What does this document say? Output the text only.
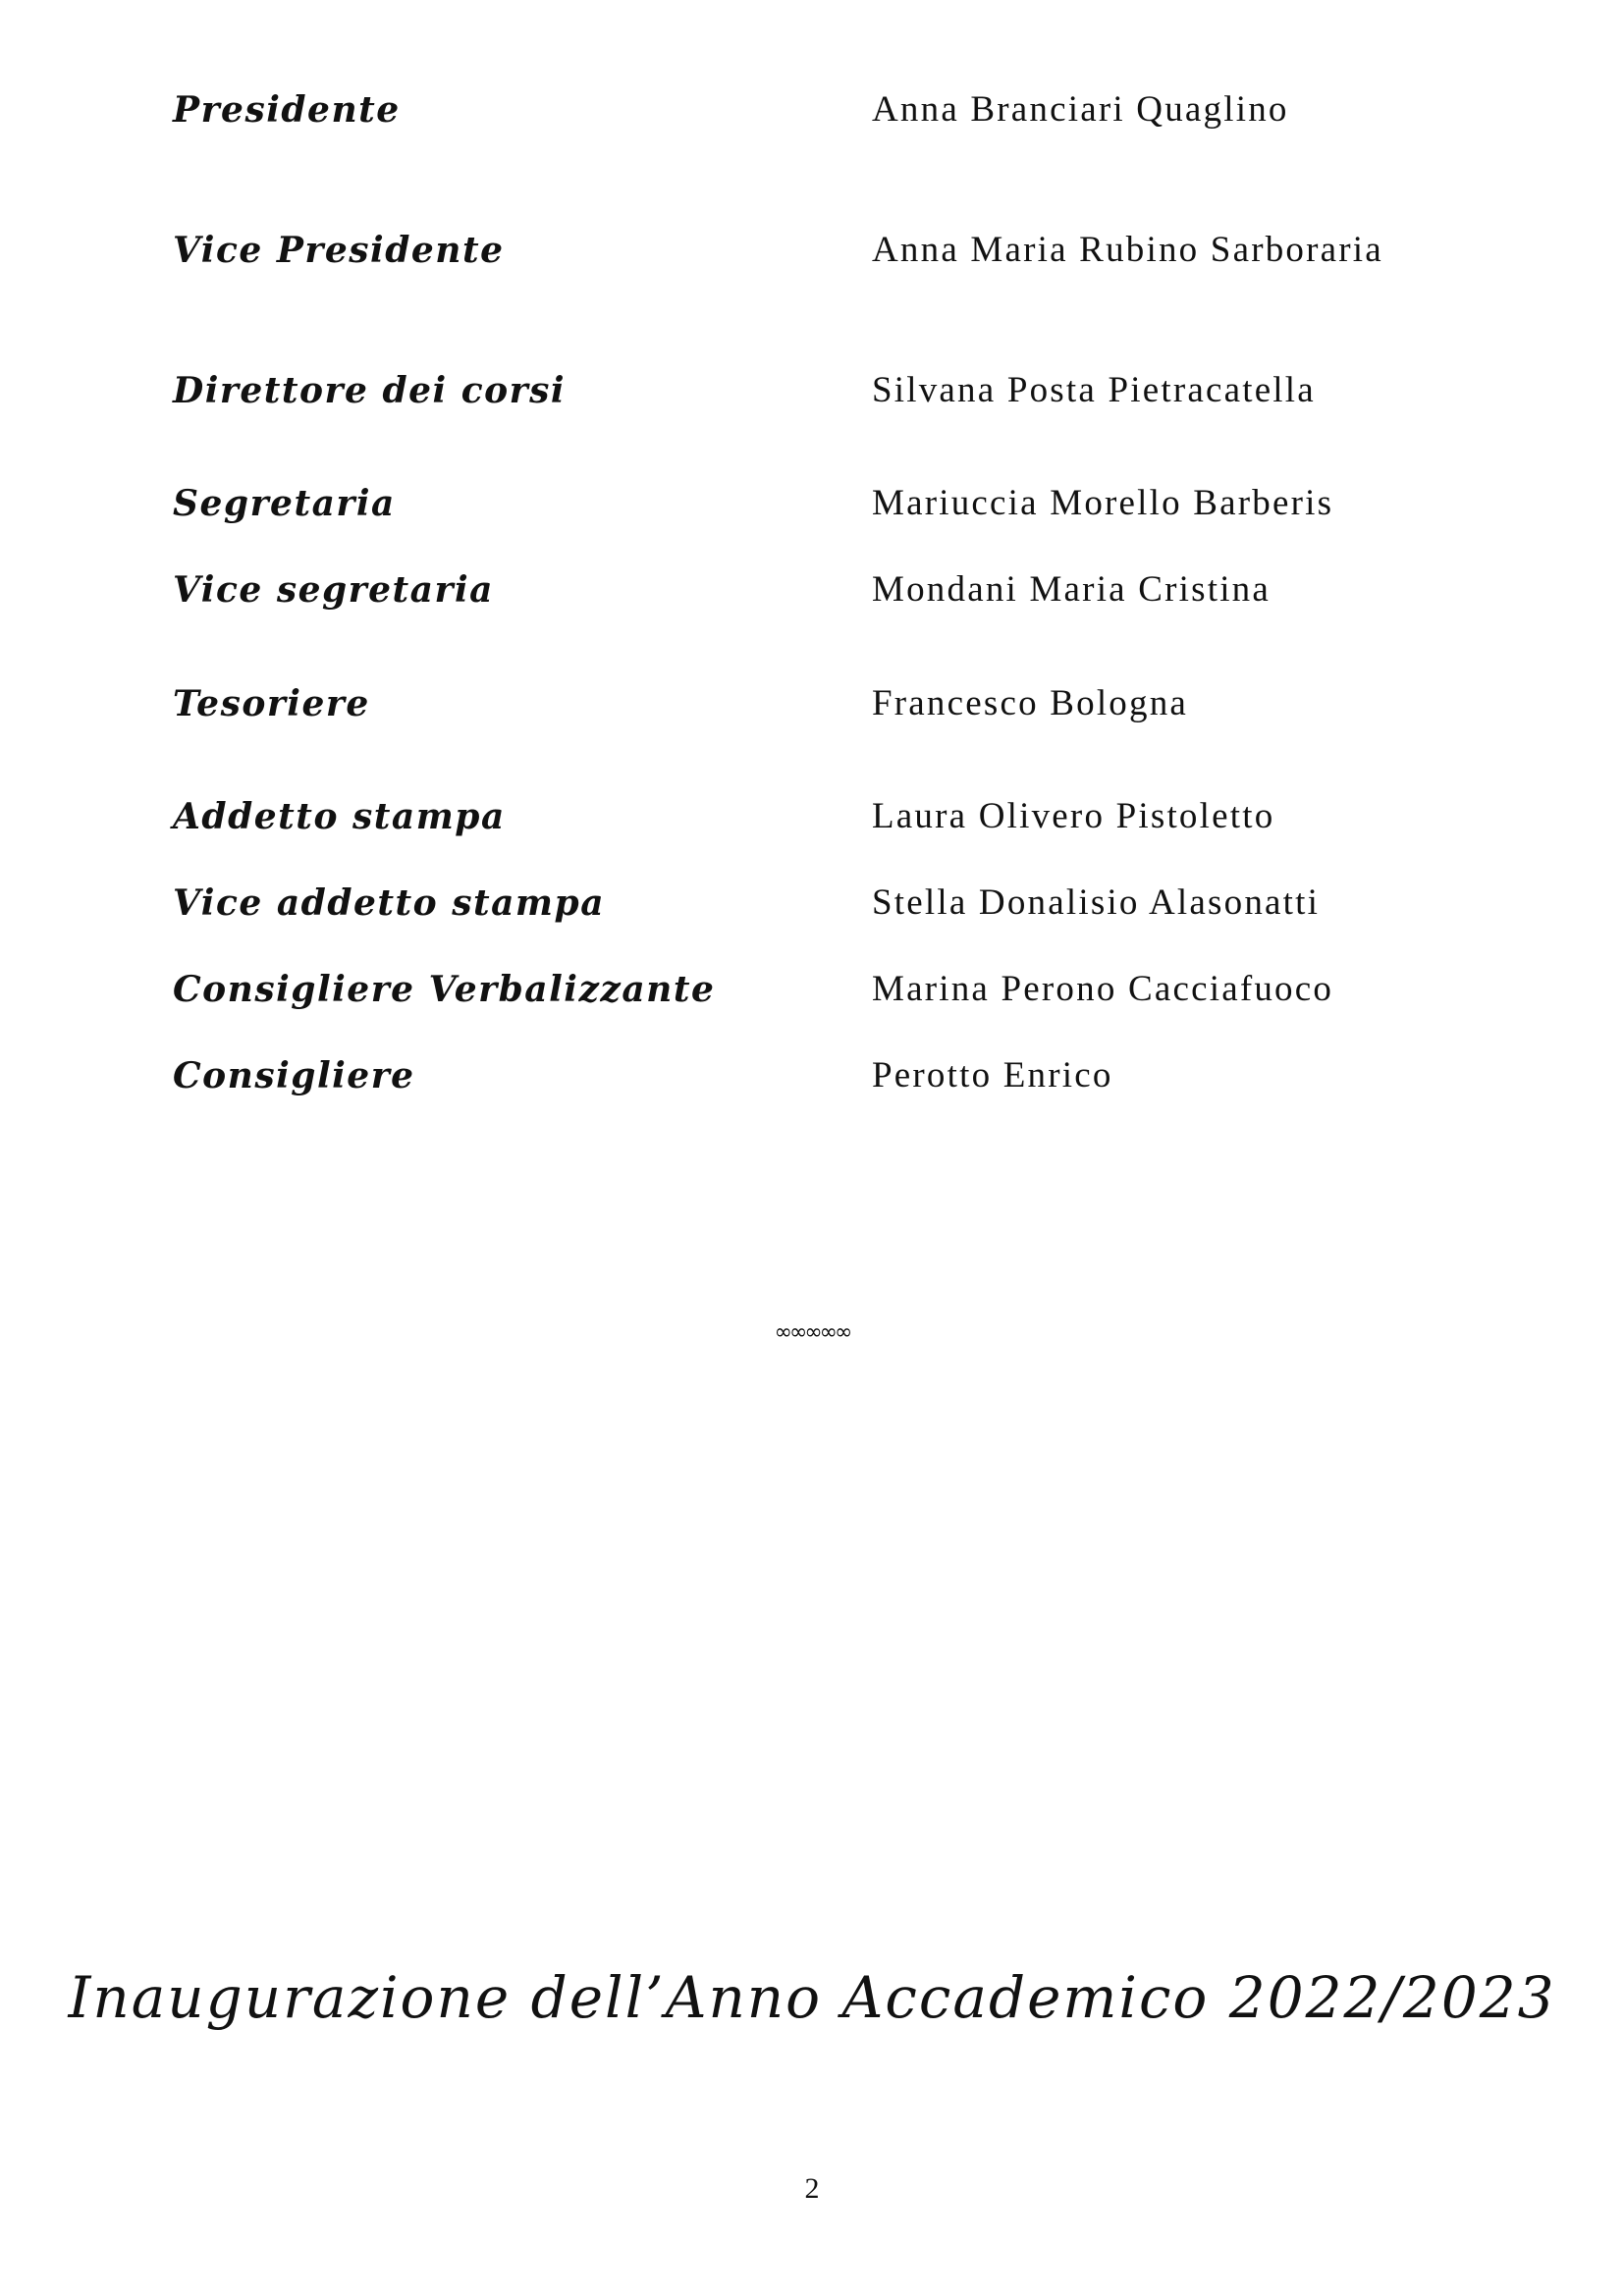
Presidente	Anna Branciari Quaglino
Vice Presidente	Anna Maria Rubino Sarboraria
Direttore dei corsi	Silvana Posta Pietracatella
Segretaria	Mariuccia Morello Barberis
Vice segretaria	Mondani Maria Cristina
Tesoriere	Francesco Bologna
Addetto stampa	Laura Olivero Pistoletto
Vice addetto stampa	Stella Donalisio Alasonatti
Consigliere Verbalizzante	Marina Perono Cacciafuoco
Consigliere	Perotto Enrico
∞∞∞∞∞
Inaugurazione dell’Anno Accademico 2022/2023
2
